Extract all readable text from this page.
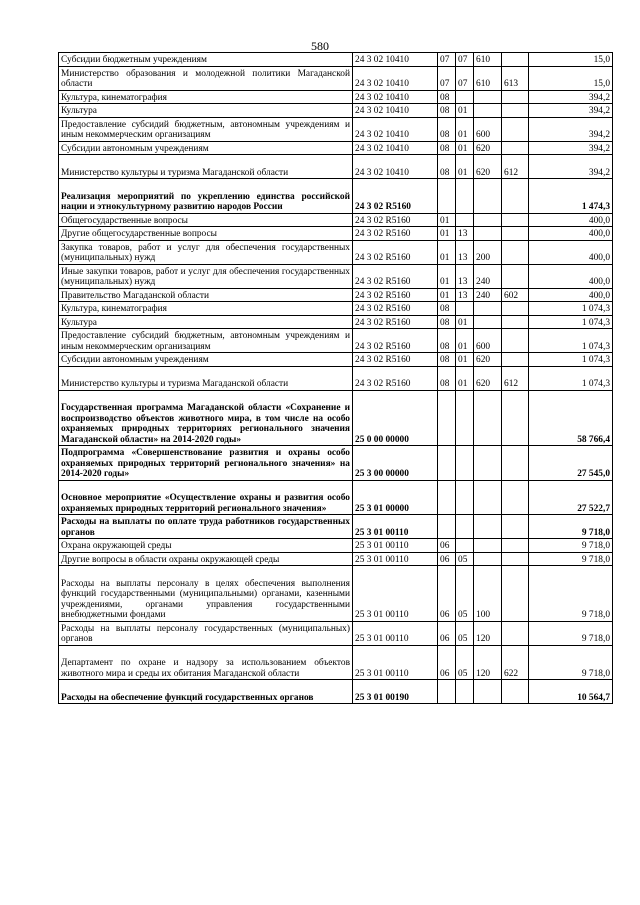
580
Субсидии бюджетным учреждениям	24 3 02 10410	07	07	610		15,0
Министерство образования и молодежной политики Магаданской области	24 3 02 10410	07	07	610	613	15,0
Культура, кинематография	24 3 02 10410	08				394,2
Культура	24 3 02 10410	08	01			394,2
Предоставление субсидий бюджетным, автономным учреждениям и иным некоммерческим организациям	24 3 02 10410	08	01	600		394,2
Субсидии автономным учреждениям	24 3 02 10410	08	01	620		394,2
Министерство культуры и туризма Магаданской области	24 3 02 10410	08	01	620	612	394,2
Реализация мероприятий по укреплению единства российской нации и этнокультурному развитию народов России	24 3 02 R5160					1 474,3
Общегосударственные вопросы	24 3 02 R5160	01				400,0
Другие общегосударственные вопросы	24 3 02 R5160	01	13			400,0
Закупка товаров, работ и услуг для обеспечения государственных (муниципальных) нужд	24 3 02 R5160	01	13	200		400,0
Иные закупки товаров, работ и услуг для обеспечения государственных (муниципальных) нужд	24 3 02 R5160	01	13	240		400,0
Правительство Магаданской области	24 3 02 R5160	01	13	240	602	400,0
Культура, кинематография	24 3 02 R5160	08				1 074,3
Культура	24 3 02 R5160	08	01			1 074,3
Предоставление субсидий бюджетным, автономным учреждениям и иным некоммерческим организациям	24 3 02 R5160	08	01	600		1 074,3
Субсидии автономным учреждениям	24 3 02 R5160	08	01	620		1 074,3
Министерство культуры и туризма Магаданской области	24 3 02 R5160	08	01	620	612	1 074,3
Государственная программа Магаданской области «Сохранение и воспроизводство объектов животного мира, в том числе на особо охраняемых природных территориях регионального значения Магаданской области» на 2014-2020 годы»	25 0 00 00000					58 766,4
Подпрограмма «Совершенствование развития и охраны особо охраняемых природных территорий регионального значения» на 2014-2020 годы»	25 3 00 00000					27 545,0
Основное мероприятие «Осуществление охраны и развития особо охраняемых природных территорий регионального значения»	25 3 01 00000					27 522,7
Расходы на выплаты по оплате труда работников государственных органов	25 3 01 00110					9 718,0
Охрана окружающей среды	25 3 01 00110	06				9 718,0
Другие вопросы в области охраны окружающей среды	25 3 01 00110	06	05			9 718,0
Расходы на выплаты персоналу в целях обеспечения выполнения функций государственными (муниципальными) органами, казенными учреждениями, органами управления государственными внебюджетными фондами	25 3 01 00110	06	05	100		9 718,0
Расходы на выплаты персоналу государственных (муниципальных) органов	25 3 01 00110	06	05	120		9 718,0
Департамент по охране и надзору за использованием объектов животного мира и среды их обитания Магаданской области	25 3 01 00110	06	05	120	622	9 718,0
Расходы на обеспечение функций государственных органов	25 3 01 00190					10 564,7
